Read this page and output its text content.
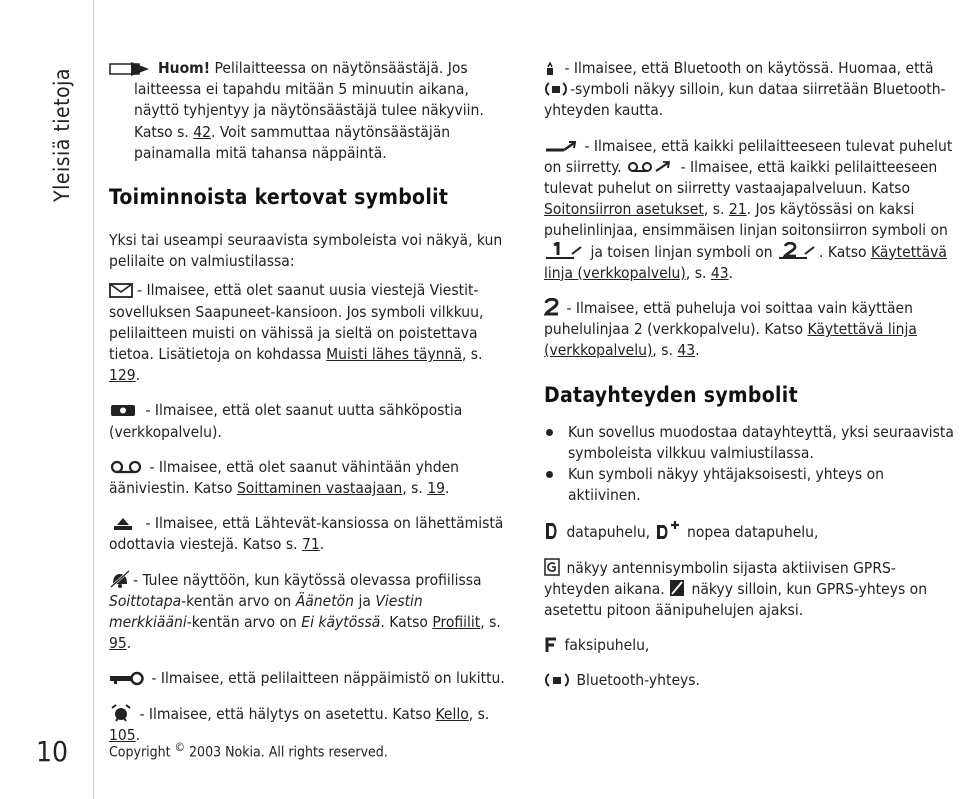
Yleisiä tietoja
10

Huom! Pelilaitteessa on näytönsäästäjä. Jos laitteessa ei tapahdu mitään 5 minuutin aikana, näyttö tyhjentyy ja näytönsäästäjä tulee näkyviin. Katso s. 42. Voit sammuttaa näytönsäästäjän painamalla mitä tahansa näppäintä.

Toiminnoista kertovat symbolit

Yksi tai useampi seuraavista symboleista voi näkyä, kun pelilaite on valmiustilassa:

- Ilmaisee, että olet saanut uusia viestejä Viestit-sovelluksen Saapuneet-kansioon. Jos symboli vilkkuu, pelilaitteen muisti on vähissä ja sieltä on poistettava tietoa. Lisätietoja on kohdassa Muisti lähes täynnä, s. 129.

- Ilmaisee, että olet saanut uutta sähköpostia (verkkopalvelu).

- Ilmaisee, että olet saanut vähintään yhden ääniviestin. Katso Soittaminen vastaajaan, s. 19.

- Ilmaisee, että Lähtevät-kansiossa on lähettämistä odottavia viestejä. Katso s. 71.

- Tulee näyttöön, kun käytössä olevassa profiilissa Soittotapa-kentän arvo on Äänetön ja Viestin merkkiääni-kentän arvo on Ei käytössä. Katso Profiilit, s. 95.

- Ilmaisee, että pelilaitteen näppäimistö on lukittu.

- Ilmaisee, että hälytys on asetettu. Katso Kello, s. 105.

- Ilmaisee, että Bluetooth on käytössä. Huomaa, että -symboli näkyy silloin, kun dataa siirretään Bluetooth-yhteyden kautta.

- Ilmaisee, että kaikki pelilaitteeseen tulevat puhelut on siirretty.	- Ilmaisee, että kaikki pelilaitteeseen tulevat puhelut on siirretty vastaajapalveluun. Katso Soitonsiirron asetukset, s. 21. Jos käytössäsi on kaksi puhelinlinjaa, ensimmäisen linjan soitonsiirron symboli on  ja toisen linjan symboli on	. Katso Käytettävä linja (verkkopalvelu), s. 43.

- Ilmaisee, että puheluja voi soittaa vain käyttäen puhelulinjaa 2 (verkkopalvelu). Katso Käytettävä linja (verkkopalvelu), s. 43.

Datayhteyden symbolit

Kun sovellus muodostaa datayhteyttä, yksi seuraavista symboleista vilkkuu valmiustilassa.
Kun symboli näkyy yhtäjaksoisesti, yhteys on aktiivinen.

datapuhelu, nopea datapuhelu,

näkyy antennisymbolin sijasta aktiivisen GPRS-yhteyden aikana. näkyy silloin, kun GPRS-yhteys on asetettu pitoon äänipuhelujen ajaksi.

faksipuhelu,

Bluetooth-yhteys.

Copyright © 2003 Nokia. All rights reserved.
